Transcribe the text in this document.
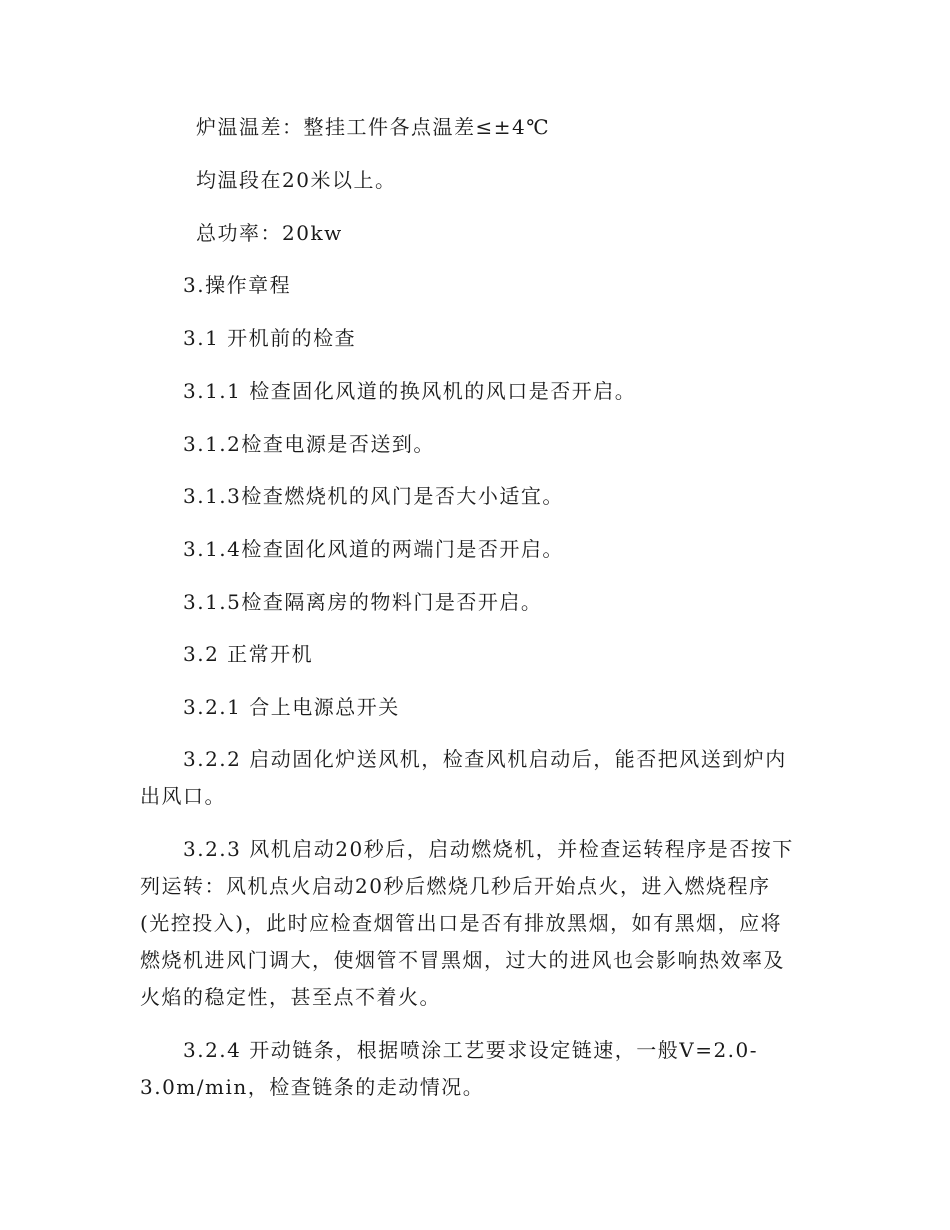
炉温温差：整挂工件各点温差≤±4℃
均温段在20米以上。
总功率：20kw
3.操作章程
3.1 开机前的检查
3.1.1 检查固化风道的换风机的风口是否开启。
3.1.2检查电源是否送到。
3.1.3检查燃烧机的风门是否大小适宜。
3.1.4检查固化风道的两端门是否开启。
3.1.5检查隔离房的物料门是否开启。
3.2 正常开机
3.2.1 合上电源总开关
3.2.2 启动固化炉送风机，检查风机启动后，能否把风送到炉内
出风口。
3.2.3 风机启动20秒后，启动燃烧机，并检查运转程序是否按下
列运转：风机点火启动20秒后燃烧几秒后开始点火，进入燃烧程序
(光控投入)，此时应检查烟管出口是否有排放黑烟，如有黑烟，应将
燃烧机进风门调大，使烟管不冒黑烟，过大的进风也会影响热效率及
火焰的稳定性，甚至点不着火。
3.2.4 开动链条，根据喷涂工艺要求设定链速，一般V=2.0-
3.0m/min，检查链条的走动情况。
